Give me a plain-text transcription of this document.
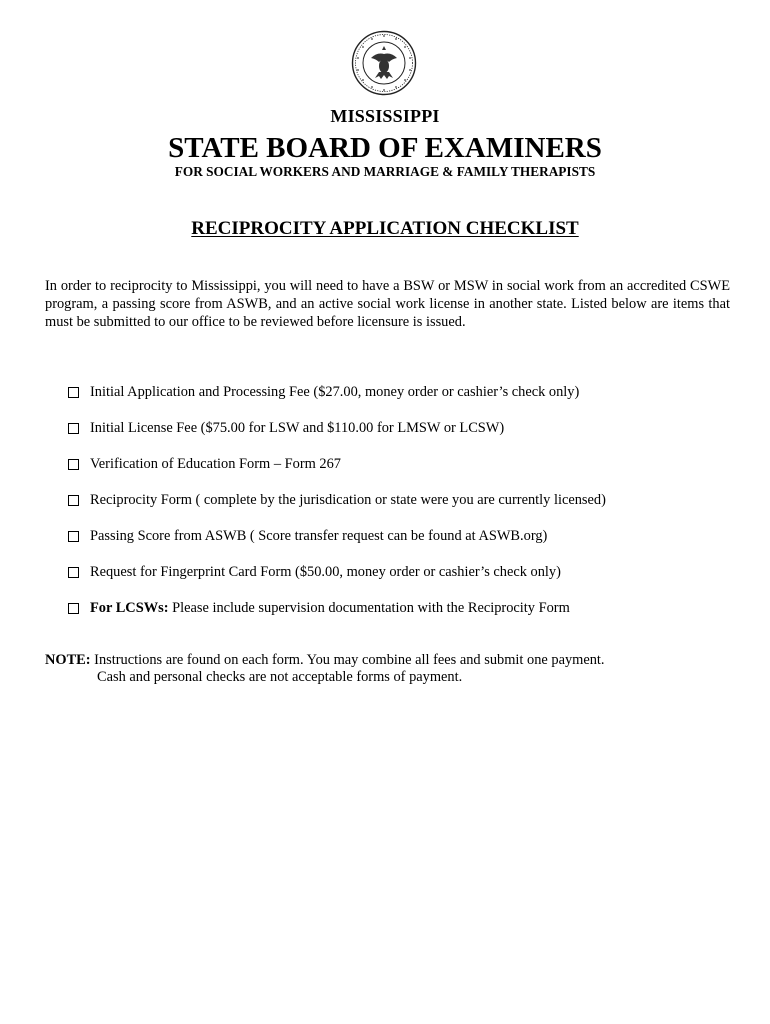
MISSISSIPPI
STATE BOARD OF EXAMINERS
FOR SOCIAL WORKERS AND MARRIAGE & FAMILY THERAPISTS
RECIPROCITY APPLICATION CHECKLIST
In order to reciprocity to Mississippi, you will need to have a BSW or MSW in social work from an accredited CSWE program, a passing score from ASWB, and an active social work license in another state. Listed below are items that must be submitted to our office to be reviewed before licensure is issued.
Initial Application and Processing Fee ($27.00, money order or cashier’s check only)
Initial License Fee ($75.00 for LSW and $110.00 for LMSW or LCSW)
Verification of Education Form – Form 267
Reciprocity Form ( complete by the jurisdication or state were you are currently licensed)
Passing Score from ASWB ( Score transfer request can be found at ASWB.org)
Request for Fingerprint Card Form ($50.00, money order or cashier’s check only)
For LCSWs: Please include supervision documentation with the Reciprocity Form
NOTE: Instructions are found on each form. You may combine all fees and submit one payment.
Cash and personal checks are not acceptable forms of payment.
